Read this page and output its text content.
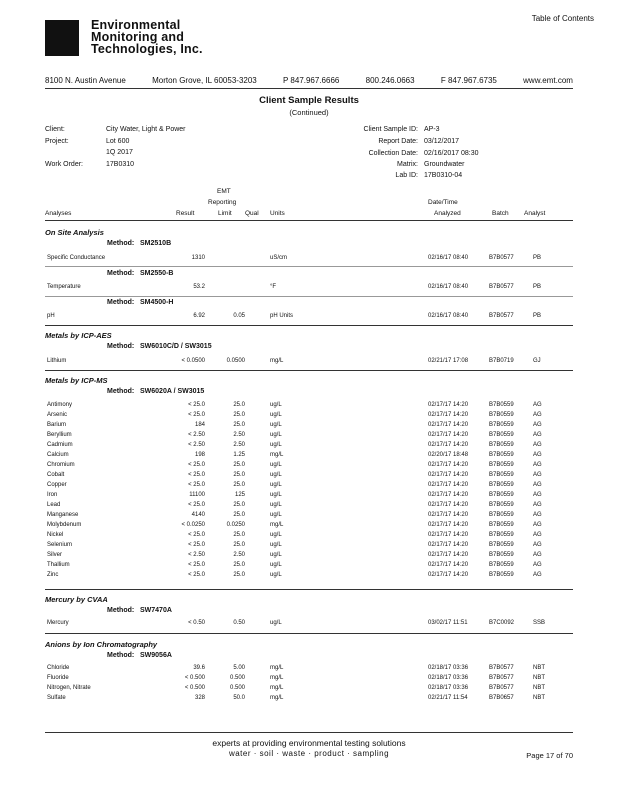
Environmental
Monitoring and
Technologies, Inc.
Table of Contents
8100 N. Austin Avenue	Morton Grove, IL 60053-3203	P 847.967.6666	800.246.0663	F 847.967.6735	www.emt.com
Client Sample Results
(Continued)
Client:	City Water, Light & Power
Project:	Lot 600
1Q 2017
Work Order:	17B0310
Client Sample ID: AP-3
Report Date: 03/12/2017
Collection Date: 02/16/2017 08:30
Matrix: Groundwater
Lab ID: 17B0310-04
EMT
Reporting	Date/Time
Analyses	Result	Limit Qual Units	Analyzed	Batch Analyst
On Site Analysis
Method: SM2510B
Specific Conductance	1310	uS/cm	02/16/17 08:40	B7B0577	PB
Method: SM2550-B
Temperature	53.2	°F	02/16/17 08:40	B7B0577	PB
Method: SM4500-H
pH	6.92	0.05	pH Units	02/16/17 08:40	B7B0577	PB
Metals by ICP-AES
Method: SW6010C/D / SW3015
Lithium	< 0.0500	0.0500	mg/L	02/21/17 17:08	B7B0719	GJ
Metals by ICP-MS
Method: SW6020A / SW3015
Antimony	< 25.0	25.0	ug/L	02/17/17 14:20	B7B0559	AG
Arsenic	< 25.0	25.0	ug/L	02/17/17 14:20	B7B0559	AG
Barium	184	25.0	ug/L	02/17/17 14:20	B7B0559	AG
Beryllium	< 2.50	2.50	ug/L	02/17/17 14:20	B7B0559	AG
Cadmium	< 2.50	2.50	ug/L	02/17/17 14:20	B7B0559	AG
Calcium	198	1.25	mg/L	02/20/17 18:48	B7B0559	AG
Chromium	< 25.0	25.0	ug/L	02/17/17 14:20	B7B0559	AG
Cobalt	< 25.0	25.0	ug/L	02/17/17 14:20	B7B0559	AG
Copper	< 25.0	25.0	ug/L	02/17/17 14:20	B7B0559	AG
Iron	11100	125	ug/L	02/17/17 14:20	B7B0559	AG
Lead	< 25.0	25.0	ug/L	02/17/17 14:20	B7B0559	AG
Manganese	4140	25.0	ug/L	02/17/17 14:20	B7B0559	AG
Molybdenum	< 0.0250	0.0250	mg/L	02/17/17 14:20	B7B0559	AG
Nickel	< 25.0	25.0	ug/L	02/17/17 14:20	B7B0559	AG
Selenium	< 25.0	25.0	ug/L	02/17/17 14:20	B7B0559	AG
Silver	< 2.50	2.50	ug/L	02/17/17 14:20	B7B0559	AG
Thallium	< 25.0	25.0	ug/L	02/17/17 14:20	B7B0559	AG
Zinc	< 25.0	25.0	ug/L	02/17/17 14:20	B7B0559	AG
Mercury by CVAA
Method: SW7470A
Mercury	< 0.50	0.50	ug/L	03/02/17 11:51	B7C0092	SSB
Anions by Ion Chromatography
Method: SW9056A
Chloride	39.6	5.00	mg/L	02/18/17 03:36	B7B0577	NBT
Fluoride	< 0.500	0.500	mg/L	02/18/17 03:36	B7B0577	NBT
Nitrogen, Nitrate	< 0.500	0.500	mg/L	02/18/17 03:36	B7B0577	NBT
Sulfate	328	50.0	mg/L	02/21/17 11:54	B7B0657	NBT
experts at providing environmental testing solutions
water · soil · waste · product · sampling	Page 17 of 70
